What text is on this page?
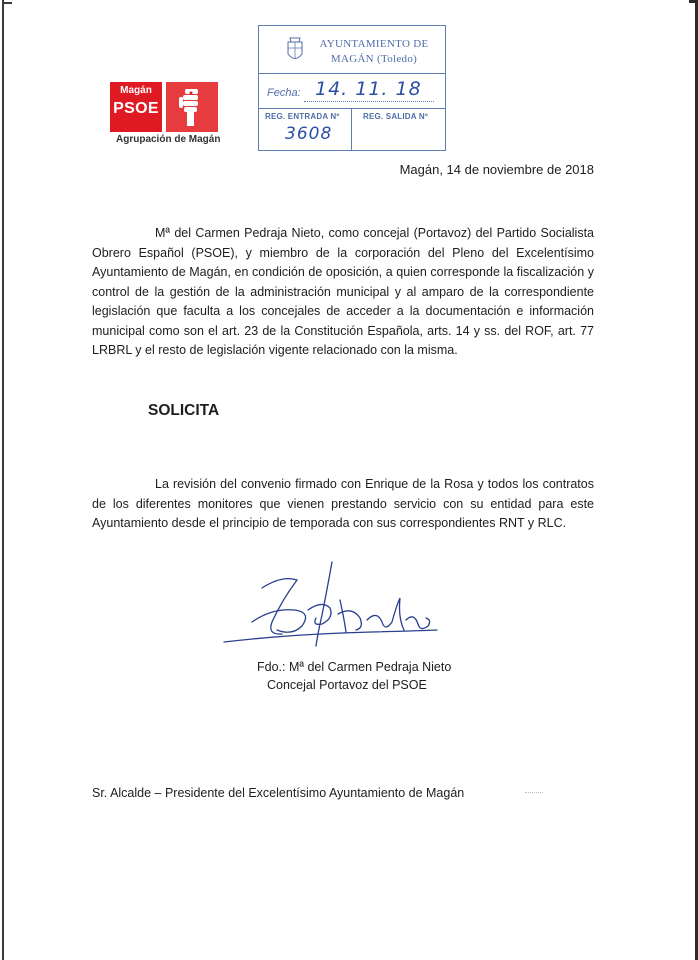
Magán
PSOE
Agrupación de Magán
AYUNTAMIENTO DE
MAGÁN (Toledo)
Fecha: 14. 11. 18
REG. ENTRADA Nº	REG. SALIDA Nº
3608
Magán, 14 de noviembre de 2018
Mª del Carmen Pedraja Nieto, como concejal (Portavoz) del Partido Socialista Obrero Español (PSOE), y miembro de la corporación del Pleno del Excelentísimo Ayuntamiento de Magán, en condición de oposición, a quien corresponde la fiscalización y control de la gestión de la administración municipal y al amparo de la correspondiente legislación que faculta a los concejales de acceder a la documentación e información municipal como son el art. 23 de la Constitución Española, arts. 14 y ss. del ROF, art. 77 LRBRL y el resto de legislación vigente relacionado con la misma.
SOLICITA
La revisión del convenio firmado con Enrique de la Rosa y todos los contratos de los diferentes monitores que vienen prestando servicio con su entidad para este Ayuntamiento desde el principio de temporada con sus correspondientes RNT y RLC.
Fdo.: Mª del Carmen Pedraja Nieto
Concejal Portavoz del PSOE
Sr. Alcalde – Presidente del Excelentísimo Ayuntamiento de Magán
